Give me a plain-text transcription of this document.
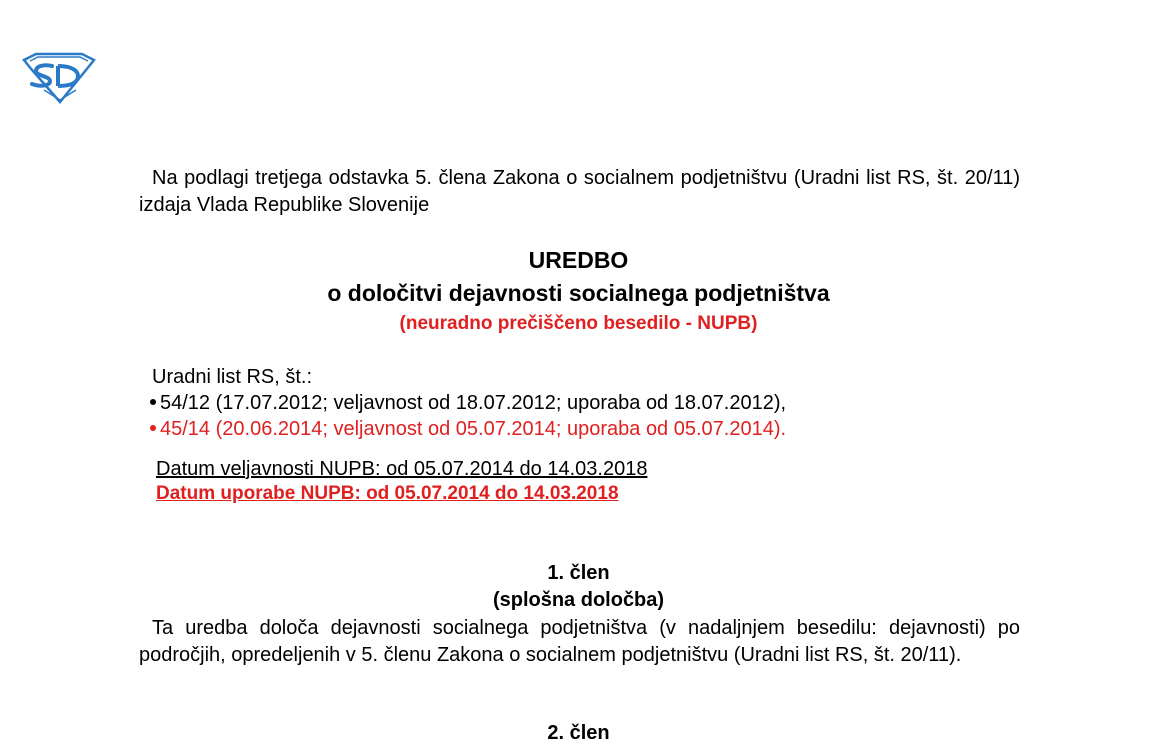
Na podlagi tretjega odstavka 5. člena Zakona o socialnem podjetništvu (Uradni list RS, št. 20/11) izdaja Vlada Republike Slovenije

UREDBO

o določitvi dejavnosti socialnega podjetništva

(neuradno prečiščeno besedilo - NUPB)

Uradni list RS, št.:
54/12 (17.07.2012; veljavnost od 18.07.2012; uporaba od 18.07.2012),
45/14 (20.06.2014; veljavnost od 05.07.2014; uporaba od 05.07.2014).
Datum veljavnosti NUPB: od 05.07.2014 do 14.03.2018
Datum uporabe NUPB: od 05.07.2014 do 14.03.2018

1. člen

(splošna določba)

Ta uredba določa dejavnosti socialnega podjetništva (v nadaljnjem besedilu: dejavnosti) po področjih, opredeljenih v 5. členu Zakona o socialnem podjetništvu (Uradni list RS, št. 20/11).

2. člen
